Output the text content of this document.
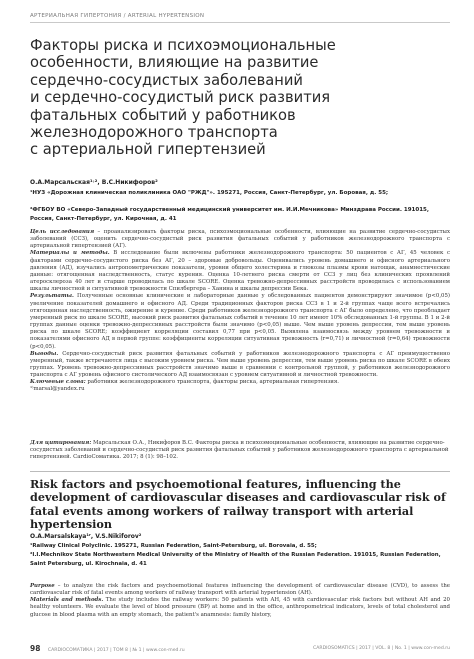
АРТЕРИАЛЬНАЯ ГИПЕРТОНИЯ / ARTERIAL HYPERTENSION
Факторы риска и психоэмоциональные
особенности, влияющие на развитие
сердечно-сосудистых заболеваний
и сердечно-сосудистый риск развития
фатальных событий у работников
железнодорожного транспорта
с артериальной гипертензией
О.А.Марсальская¹˒², В.С.Никифоров²
¹НУЗ «Дорожная клиническая поликлиника ОАО "РЖД"». 195271, Россия, Санкт-Петербург, ул. Боровая, д. 55;
²ФГБОУ ВО «Северо-Западный государственный медицинский университет им. И.И.Мечникова» Минздрава России. 191015, Россия, Санкт-Петербург, ул. Кирочная, д. 41

Цель исследования – проанализировать факторы риска, психоэмоциональные особенности, влияющие на развитие сердечно-сосудистых заболеваний (ССЗ), оценить сердечно-сосудистый риск развития фатальных событий у работников железнодорожного транспорта с артериальной гипертензией (АГ).

Материалы и методы. В исследование были включены работники железнодорожного транспорта: 50 пациентов с АГ, 45 человек с факторами сердечно-сосудистого риска без АГ, 20 – здоровые добровольцы. Оценивались уровень домашнего и офисного артериального давления (АД), изучались антропометрические показатели, уровни общего холестерина и глюкозы плазмы крови натощак, анамнестические данные: отягощенная наследственность, статус курения. Оценка 10-летнего риска смерти от ССЗ у лиц без клинических проявлений атеросклероза 40 лет и старше проводилась по шкале SCORE. Оценка тревожно-депрессивных расстройств проводилась с использованием шкалы личностной и ситуативной тревожности Спилбергера – Ханина и шкалы депрессии Бека.

Результаты. Полученные основные клинические и лабораторные данные у обследованных пациентов демонстрируют значимое (р<0,05) увеличение показателей домашнего и офисного АД. Среди традиционных факторов риска ССЗ в 1 и 2-й группах чаще всего встречались отягощенная наследственность, ожирение и курение. Среди работников железнодорожного транспорта с АГ было определено, что преобладает умеренный риск по шкале SCORE, высокий риск развития фатальных событий в течение 10 лет имеют 10% обследованных 1-й группы. В 1 и 2-й группах данные оценки тревожно-депрессивных расстройств были значимо (р<0,05) выше. Чем выше уровень депрессии, тем выше уровень риска по шкале SCORE; коэффициент корреляции составил 0,77 при р<0,05. Выявлена взаимосвязь между уровнем тревожности и показателями офисного АД в первой группе: коэффициенты корреляции ситуативная тревожность (r=0,71) и личностной (r=0,64) тревожности (р<0,05).

Выводы. Сердечно-сосудистый риск развития фатальных событий у работников железнодорожного транспорта с АГ преимущественно умеренный, также встречаются лица с высоким уровнем риска. Чем выше уровень депрессии, тем выше уровень риска по шкале SCORE в обеих группах. Уровень тревожно-депрессивных расстройств значимо выше в сравнении с контрольной группой, у работников железнодорожного транспорта с АГ уровень офисного систолического АД взаимосвязан с уровнем ситуативной и личностной тревожности.

Ключевые слова: работники железнодорожного транспорта, факторы риска, артериальная гипертензия.

¹⁾marsal@yandex.ru

Для цитирования: Марсальская О.А., Никифоров В.С. Факторы риска и психоэмоциональные особенности, влияющие на развитие сердечно-сосудистых заболеваний и сердечно-сосудистый риск развития фатальных событий у работников железнодорожного транспорта с артериальной гипертензией. CardioСоматика. 2017; 8 (1): 98–102.

Risk factors and psychoemotional features, influencing the development of cardiovascular diseases and cardiovascular risk of fatal events among workers of railway transport with arterial hypertension
O.A.Marsalskaya¹ʳ, V.S.Nikiforov²
¹Railway Clinical Polyclinic. 195271, Russian Federation, Saint-Petersburg, ul. Borovaia, d. 55;
²I.I.Mechnikov State Northwestern Medical University of the Ministry of Health of the Russian Federation. 191015, Russian Federation, Saint Petersburg, ul. Kirochnaia, d. 41

Purpose – to analyze the risk factors and psychoemotional features influencing the development of cardiovascular disease (CVD), to assess the cardiovascular risk of fatal events among workers of railway transport with arterial hypertension (AH).

Materials and methods. The study includes the railway workers: 50 patients with AH, 45 with cardiovascular risk factors but without AH and 20 healthy volunteers. We evaluate the level of blood pressure (BP) at home and in the office, anthropometrical indicators, levels of total cholesterol and glucose in blood plasma with an empty stomach, the patient's anamnesis: family history,

98 CARDIOСОМАТИКА | 2017 | ТОМ 8 | № 1 | www.con-med.ru	CARDIOSOMATICS | 2017 | VOL. 8 | No. 1 | www.con-med.ru
